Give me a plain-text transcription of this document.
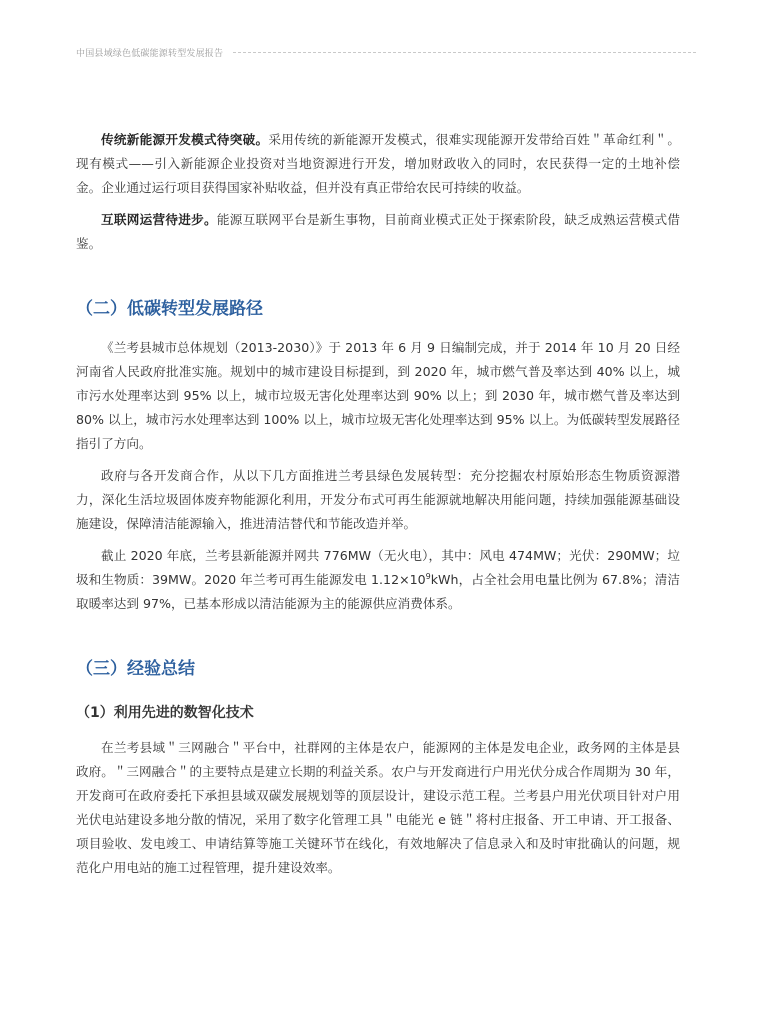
中国县域绿色低碳能源转型发展报告

传统新能源开发模式待突破。采用传统的新能源开发模式，很难实现能源开发带给百姓＂革命红利＂。现有模式——引入新能源企业投资对当地资源进行开发，增加财政收入的同时，农民获得一定的土地补偿金。企业通过运行项目获得国家补贴收益，但并没有真正带给农民可持续的收益。

互联网运营待进步。能源互联网平台是新生事物，目前商业模式正处于探索阶段，缺乏成熟运营模式借鉴。

（二）低碳转型发展路径

《兰考县城市总体规划（2013-2030）》于 2013 年 6 月 9 日编制完成，并于 2014 年 10 月 20 日经河南省人民政府批准实施。规划中的城市建设目标提到，到 2020 年，城市燃气普及率达到 40% 以上，城市污水处理率达到 95% 以上，城市垃圾无害化处理率达到 90% 以上；到 2030 年，城市燃气普及率达到 80% 以上，城市污水处理率达到 100% 以上，城市垃圾无害化处理率达到 95% 以上。为低碳转型发展路径指引了方向。

政府与各开发商合作，从以下几方面推进兰考县绿色发展转型：充分挖掘农村原始形态生物质资源潜力，深化生活垃圾固体废弃物能源化利用，开发分布式可再生能源就地解决用能问题，持续加强能源基础设施建设，保障清洁能源输入，推进清洁替代和节能改造并举。

截止 2020 年底，兰考县新能源并网共 776MW（无火电），其中：风电 474MW；光伏：290MW；垃圾和生物质：39MW。2020 年兰考可再生能源发电 $1.12\times 10^9kWh$，占全社会用电量比例为 67.8%；清洁取暖率达到 97%，已基本形成以清洁能源为主的能源供应消费体系。

（三）经验总结
（1）利用先进的数智化技术

在兰考县域＂三网融合＂平台中，社群网的主体是农户，能源网的主体是发电企业，政务网的主体是县政府。＂三网融合＂的主要特点是建立长期的利益关系。农户与开发商进行户用光伏分成合作周期为 30 年，开发商可在政府委托下承担县域双碳发展规划等的顶层设计，建设示范工程。兰考县户用光伏项目针对户用光伏电站建设多地分散的情况，采用了数字化管理工具＂电能光 e 链＂将村庄报备、开工申请、开工报备、项目验收、发电竣工、申请结算等施工关键环节在线化，有效地解决了信息录入和及时审批确认的问题，规范化户用电站的施工过程管理，提升建设效率。
